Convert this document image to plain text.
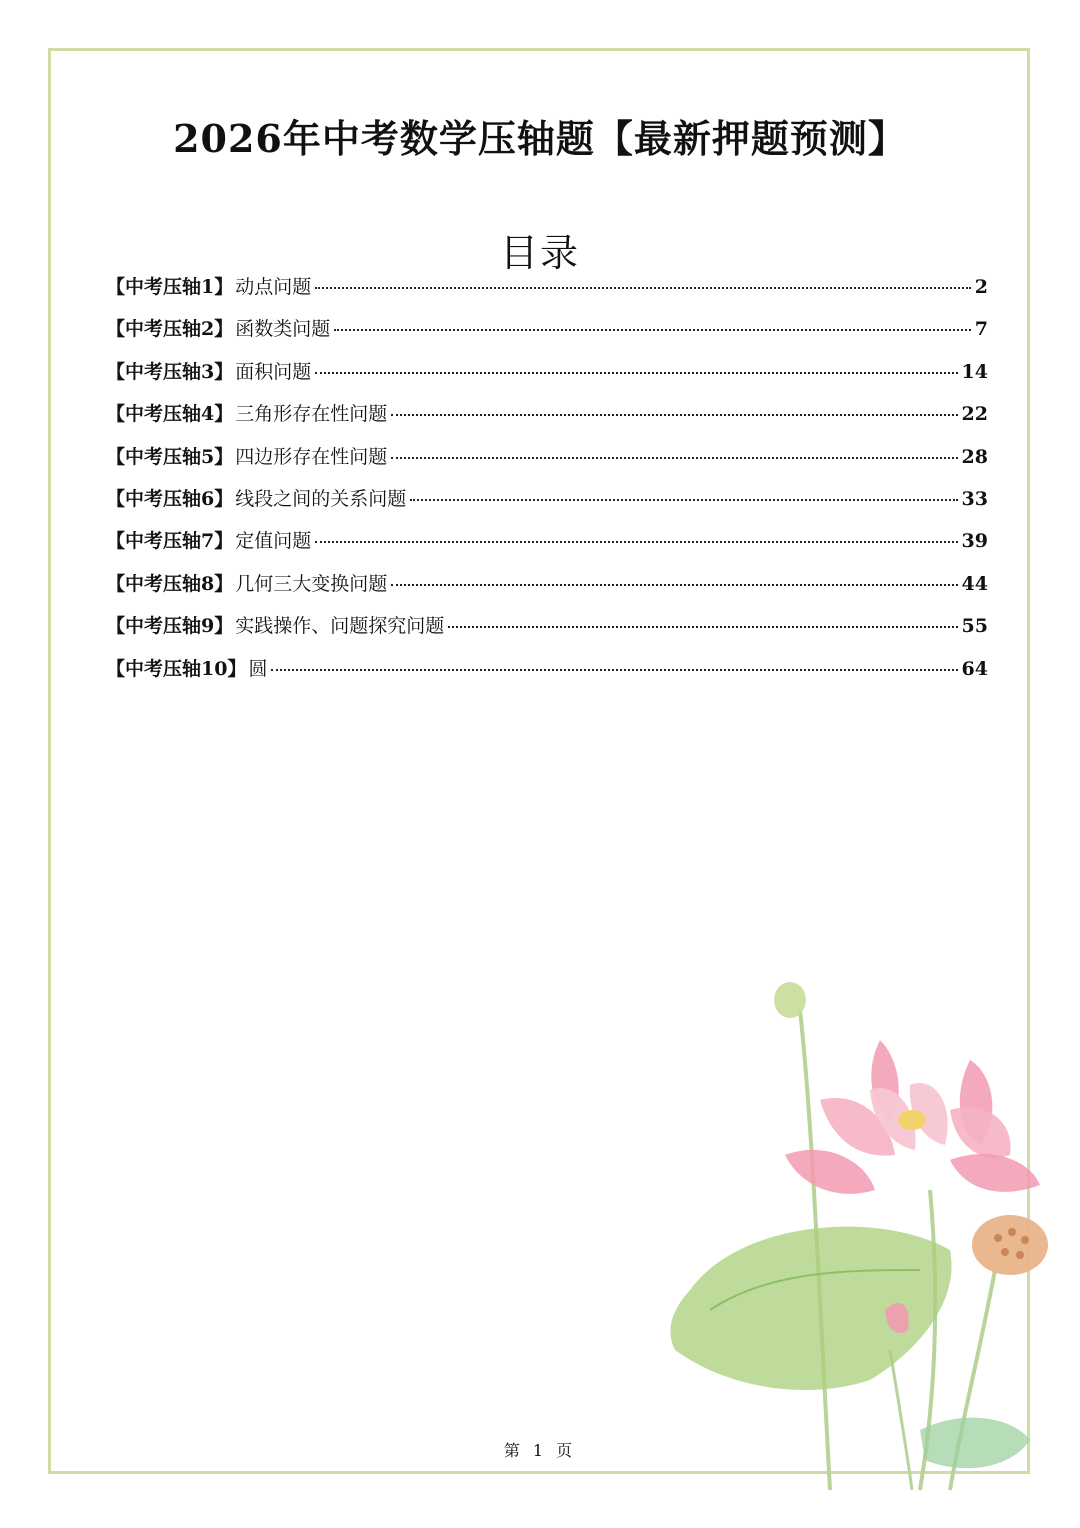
2026年中考数学压轴题【最新押题预测】
目录
【中考压轴1】 动点问题	2
【中考压轴2】 函数类问题	7
【中考压轴3】 面积问题	14
【中考压轴4】 三角形存在性问题	22
【中考压轴5】 四边形存在性问题	28
【中考压轴6】 线段之间的关系问题	33
【中考压轴7】 定值问题	39
【中考压轴8】 几何三大变换问题	44
【中考压轴9】 实践操作、问题探究问题	55
【中考压轴10】 圆	64
第 1 页
